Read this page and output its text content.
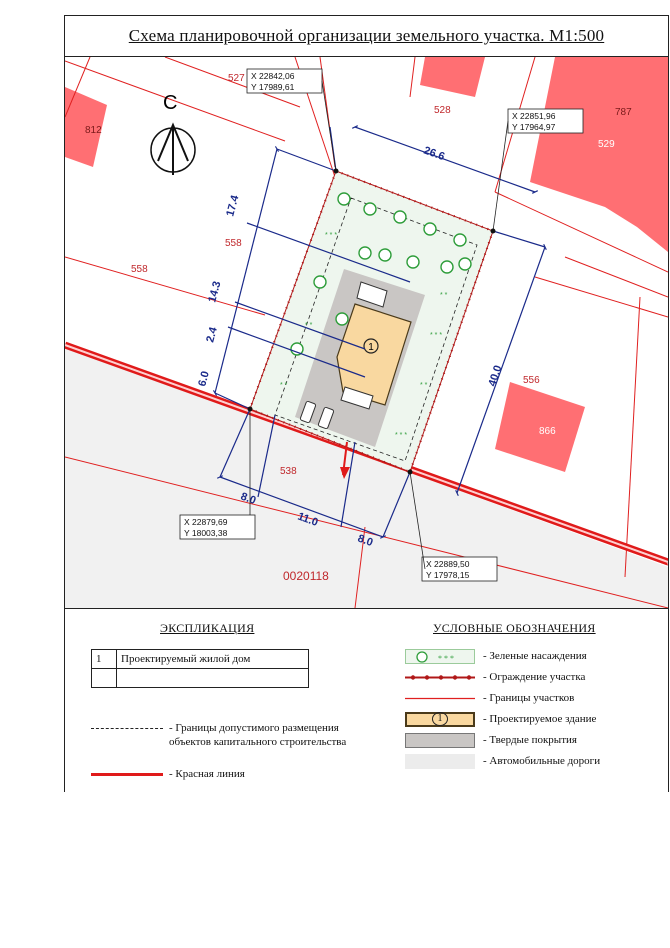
Схема планировочной организации земельного участка. М1:500
1
* * *
* *
* * *
* *
* *	* *
* * *
26.6
17.4
14.3
2.4
6.0	40.0
8.0
11.0
8.0
527
528
558
558
812
787
529
556
866
538
0020118
X 22842,06
Y 17989,61
X 22851,96
Y 17964,97
X 22879,69
Y 18003,38
X 22889,50
Y 17978,15
С
ЭКСПЛИКАЦИЯ
1	Проектируемый жилой дом

- Границы допустимого размещения
объектов капитального строительства
- Красная линия
УСЛОВНЫЕ ОБОЗНАЧЕНИЯ
* * *	- Зеленые насаждения
- Ограждение участка
- Границы участков
1	- Проектируемое здание
- Твердые покрытия
- Автомобильные дороги
